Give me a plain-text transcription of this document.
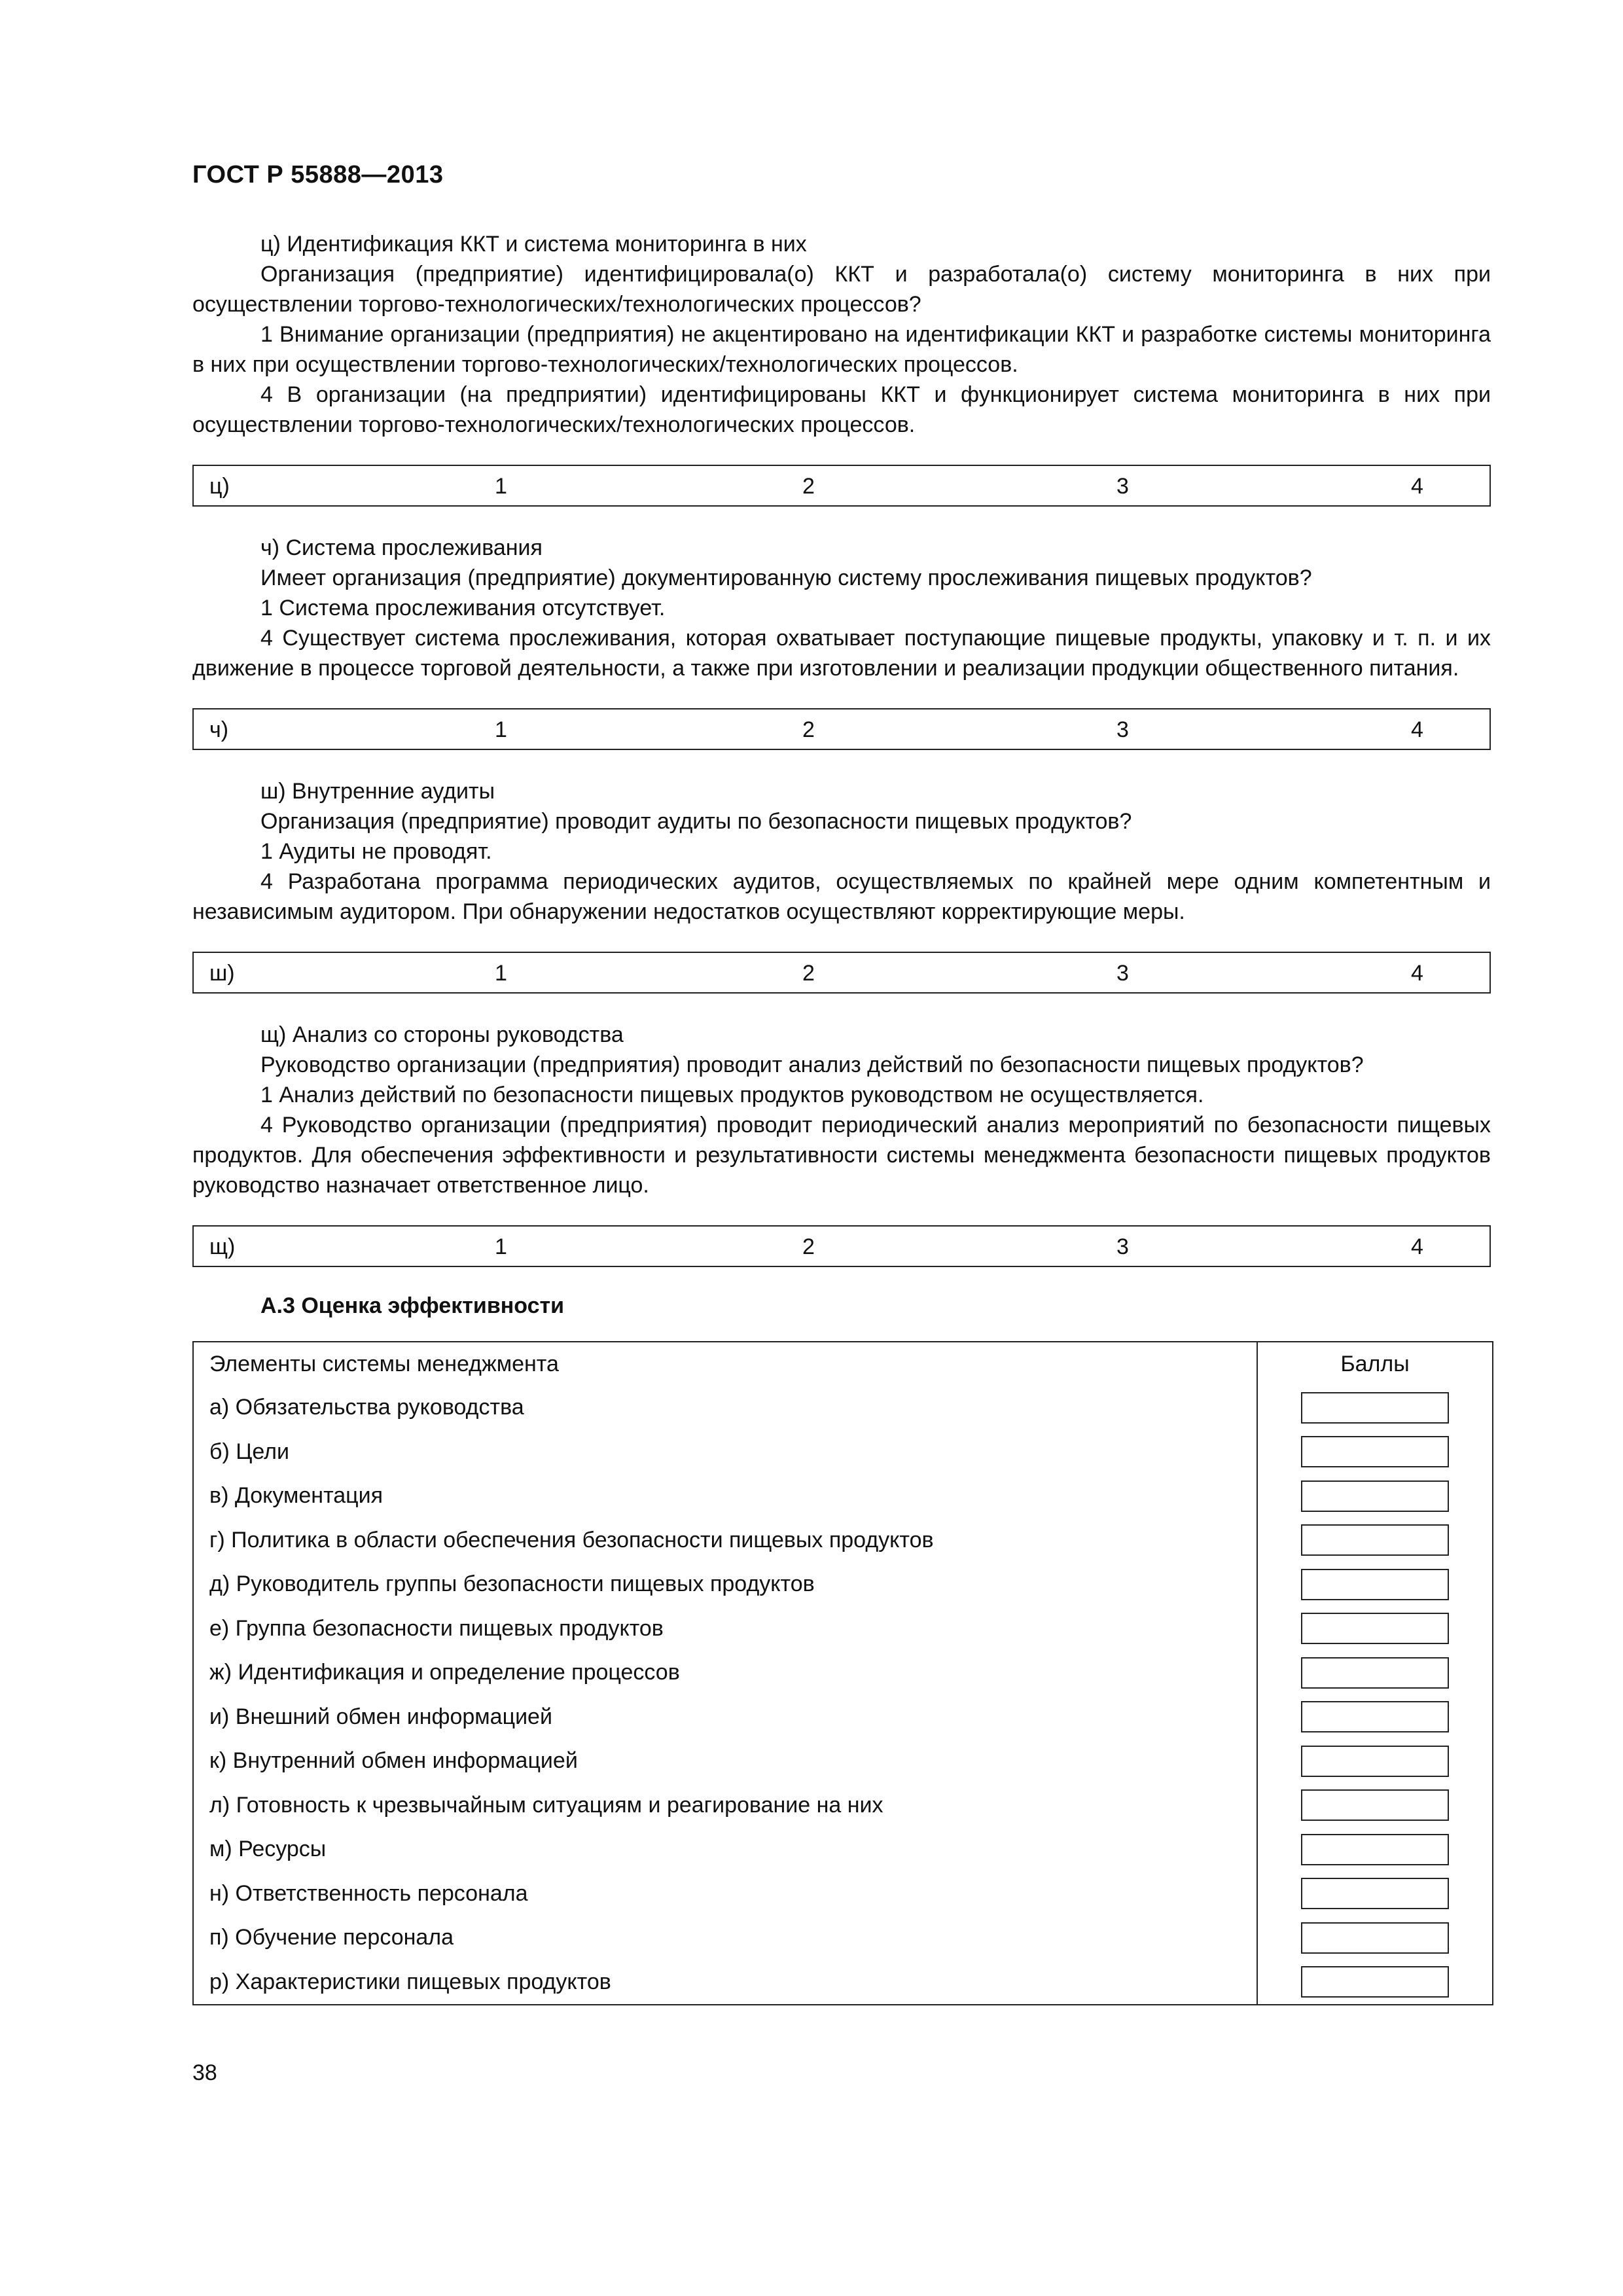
ГОСТ Р 55888—2013

ц) Идентификация ККТ и система мониторинга в них

Организация (предприятие) идентифицировала(о) ККТ и разработала(о) систему мониторинга в них при осуществлении торгово-технологических/технологических процессов?

1 Внимание организации (предприятия) не акцентировано на идентификации ККТ и разработке системы мониторинга в них при осуществлении торгово-технологических/технологических процессов.

4 В организации (на предприятии) идентифицированы ККТ и функционирует система мониторинга в них при осуществлении торгово-технологических/технологических процессов.

ц)	1	2	3	4

ч) Система прослеживания

Имеет организация (предприятие) документированную систему прослеживания пищевых продуктов?

1 Система прослеживания отсутствует.

4 Существует система прослеживания, которая охватывает поступающие пищевые продукты, упаковку и т. п. и их движение в процессе торговой деятельности, а также при изготовлении и реализации продукции общественного питания.

ч)	1	2	3	4

ш) Внутренние аудиты

Организация (предприятие) проводит аудиты по безопасности пищевых продуктов?

1 Аудиты не проводят.

4 Разработана программа периодических аудитов, осуществляемых по крайней мере одним компетентным и независимым аудитором. При обнаружении недостатков осуществляют корректирующие меры.

ш)	1	2	3	4

щ) Анализ со стороны руководства

Руководство организации (предприятия) проводит анализ действий по безопасности пищевых продуктов?

1 Анализ действий по безопасности пищевых продуктов руководством не осуществляется.

4 Руководство организации (предприятия) проводит периодический анализ мероприятий по безопасности пищевых продуктов. Для обеспечения эффективности и результативности системы менеджмента безопасности пищевых продуктов руководство назначает ответственное лицо.

щ)	1	2	3	4
А.3 Оценка эффективности
Элементы системы менеджмента	Баллы
а) Обязательства руководства
б) Цели
в) Документация
г) Политика в области обеспечения безопасности пищевых продуктов
д) Руководитель группы безопасности пищевых продуктов
е) Группа безопасности пищевых продуктов
ж) Идентификация и определение процессов
и) Внешний обмен информацией
к) Внутренний обмен информацией
л) Готовность к чрезвычайным ситуациям и реагирование на них
м) Ресурсы
н) Ответственность персонала
п) Обучение персонала
р) Характеристики пищевых продуктов
38
